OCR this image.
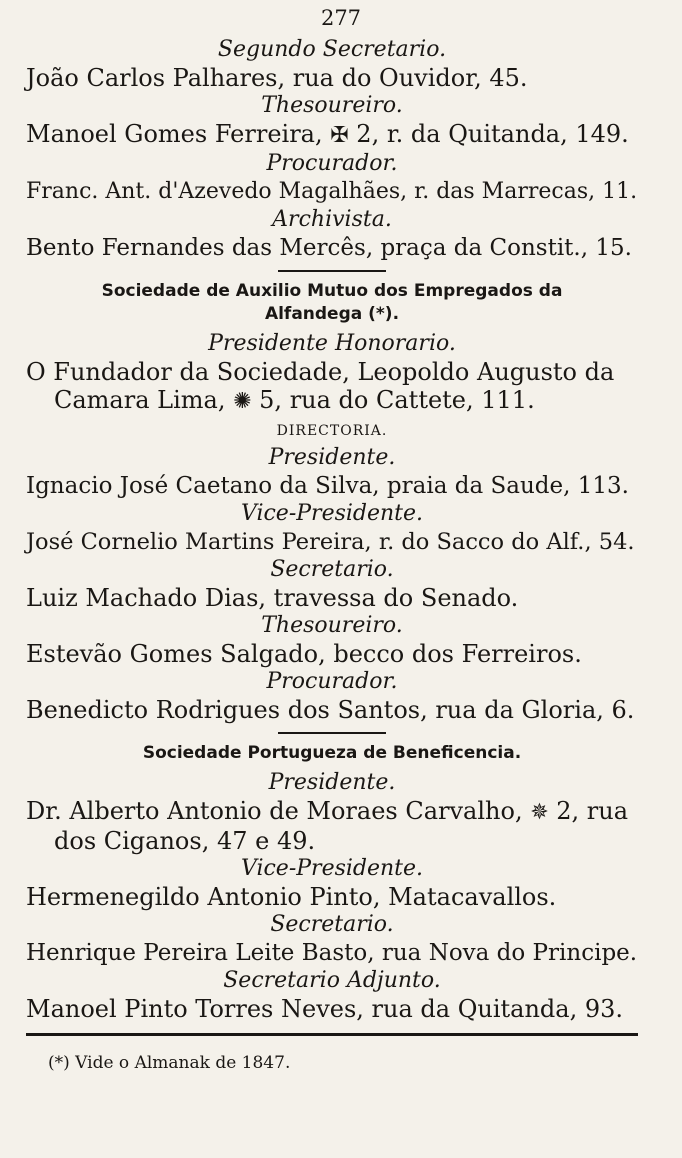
277
Segundo Secretario.
João Carlos Palhares, rua do Ouvidor, 45.
Thesoureiro.
Manoel Gomes Ferreira, ✠ 2, r. da Quitanda, 149.
Procurador.
Franc. Ant. d'Azevedo Magalhães, r. das Marrecas, 11.
Archivista.
Bento Fernandes das Mercês, praça da Constit., 15.
Sociedade de Auxilio Mutuo dos Empregados da
Alfandega (*).
Presidente Honorario.
O Fundador da Sociedade, Leopoldo Augusto da
Camara Lima, ✺ 5, rua do Cattete, 111.
DIRECTORIA.
Presidente.
Ignacio José Caetano da Silva, praia da Saude, 113.
Vice-Presidente.
José Cornelio Martins Pereira, r. do Sacco do Alf., 54.
Secretario.
Luiz Machado Dias, travessa do Senado.
Thesoureiro.
Estevão Gomes Salgado, becco dos Ferreiros.
Procurador.
Benedicto Rodrigues dos Santos, rua da Gloria, 6.
Sociedade Portugueza de Beneficencia.
Presidente.
Dr. Alberto Antonio de Moraes Carvalho, ✵ 2, rua
dos Ciganos, 47 e 49.
Vice-Presidente.
Hermenegildo Antonio Pinto, Matacavallos.
Secretario.
Henrique Pereira Leite Basto, rua Nova do Principe.
Secretario Adjunto.
Manoel Pinto Torres Neves, rua da Quitanda, 93.
(*) Vide o Almanak de 1847.
